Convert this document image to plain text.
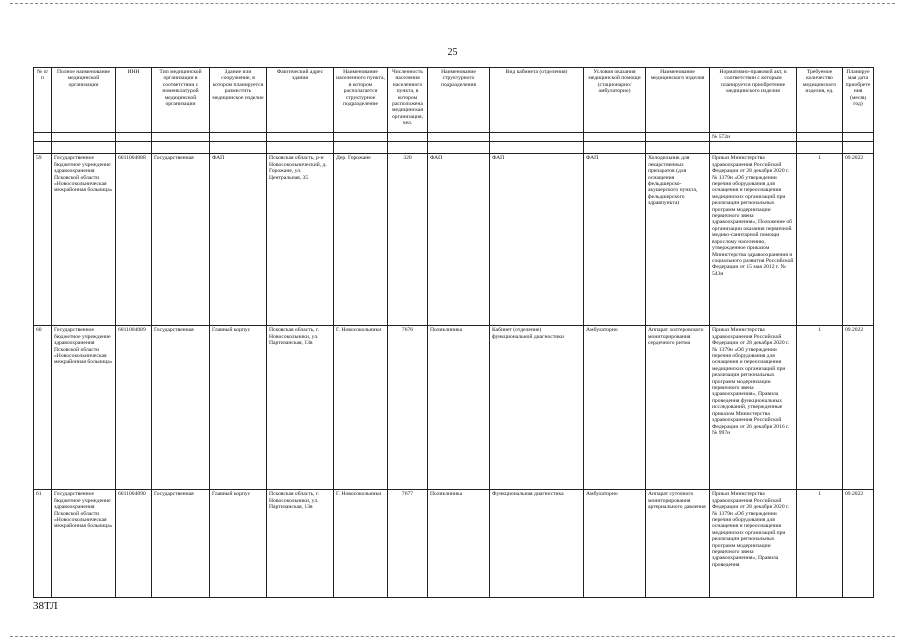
25
№ п/п	Полное наименование медицинской организации	ИНН	Тип медицинской организации в соответствии с номенклатурой медицинской организации	Здание или сооружение, в котором планируется разместить медицинское изделие	Фактический адрес здания	Наименование населенного пункта, в котором располагается структурное подразделение	Численность населения населенного пункта, в котором расположена медицинская организация, чел.	Наименование структурного подразделения	Вид кабинета (отделения)	Условия оказания медицинской помощи (стационарно/амбулаторно)	Наименование медицинского изделия	Нормативно-правовой акт, в соответствии с которым планируется приобретение медицинского изделия	Требуемое количество медицинского изделия, ед.	Планируемая дата приобретения (месяц год)
												№ 572н		

59	Государственное бюджетное учреждение здравоохранения Псковской области «Новосокольническая межрайонная больница»	6011004088	Государственная	ФАП	Псковская область, р-н Новосокольнический, д. Горожане, ул. Центральная, 35	Дер. Горожане	320	ФАП	ФАП	ФАП	Холодильник для лекарственных препаратов (для оснащения фельдшерско-акушерского пункта, фельдшерского здравпункта)	Приказ Министерства здравоохранения Российской Федерации от 28 декабря 2020 г. № 1379н «Об утверждении перечня оборудования для оснащения и переоснащения медицинских организаций при реализации региональных программ модернизации первичного звена здравоохранения», Положение об организации оказания первичной медико-санитарной помощи взрослому населению, утвержденное приказом Министерства здравоохранения и социального развития Российской Федерации от 15 мая 2012 г. № 543н	1	09.2022
60	Государственное бюджетное учреждение здравоохранения Псковской области «Новосокольническая межрайонная больница»	6011004089	Государственная	Главный корпус	Псковская область, г. Новосокольники, ул. Партизанская, 13в	Г. Новосокольники	7676	Поликлиника	Кабинет (отделение) функциональной диагностики	Амбулаторно	Аппарат холтеровского мониторирования сердечного ритма	Приказ Министерства здравоохранения Российской Федерации от 28 декабря 2020 г. № 1379н «Об утверждении перечня оборудования для оснащения и переоснащения медицинских организаций при реализации региональных программ модернизации первичного звена здравоохранения», Правила проведения функциональных исследований, утвержденные приказом Министерства здравоохранения Российской Федерации от 26 декабря 2016 г. № 997н	1	09.2022
61	Государственное бюджетное учреждение здравоохранения Псковской области «Новосокольническая межрайонная больница»	6011004090	Государственная	Главный корпус	Псковская область, г. Новосокольники, ул. Партизанская, 13в	Г. Новосокольники	7677	Поликлиника	Функциональная диагностика	Амбулаторно	Аппарат суточного мониторирования артериального давления	Приказ Министерства здравоохранения Российской Федерации от 28 декабря 2020 г. № 1379н «Об утверждении перечня оборудования для оснащения и переоснащения медицинских организаций при реализации региональных программ модернизации первичного звена здравоохранения», Правила проведения	1	09.2022
38ТЛ
